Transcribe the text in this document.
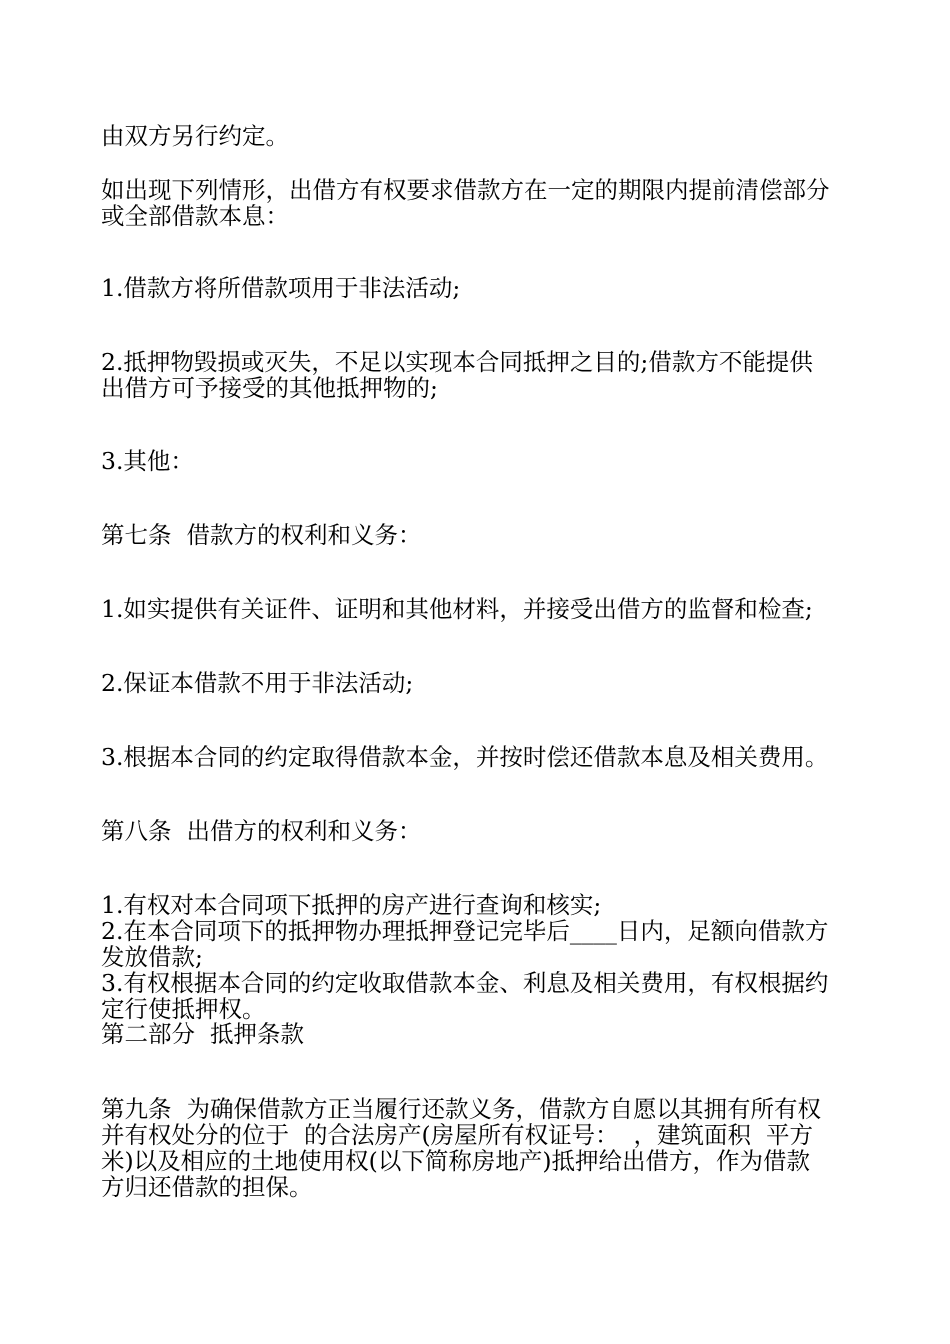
由双方另行约定。
如出现下列情形，出借方有权要求借款方在一定的期限内提前清偿部分
或全部借款本息：
1.借款方将所借款项用于非法活动;
2.抵押物毁损或灭失，不足以实现本合同抵押之目的;借款方不能提供
出借方可予接受的其他抵押物的;
3.其他：
第七条  借款方的权利和义务：
1.如实提供有关证件、证明和其他材料，并接受出借方的监督和检查;
2.保证本借款不用于非法活动;
3.根据本合同的约定取得借款本金，并按时偿还借款本息及相关费用。
第八条  出借方的权利和义务：
1.有权对本合同项下抵押的房产进行查询和核实;
2.在本合同项下的抵押物办理抵押登记完毕后____日内，足额向借款方
发放借款;
3.有权根据本合同的约定收取借款本金、利息及相关费用，有权根据约
定行使抵押权。
第二部分  抵押条款
第九条  为确保借款方正当履行还款义务，借款方自愿以其拥有所有权
并有权处分的位于  的合法房产(房屋所有权证号：  ，建筑面积  平方
米)以及相应的土地使用权(以下简称房地产)抵押给出借方，作为借款
方归还借款的担保。
